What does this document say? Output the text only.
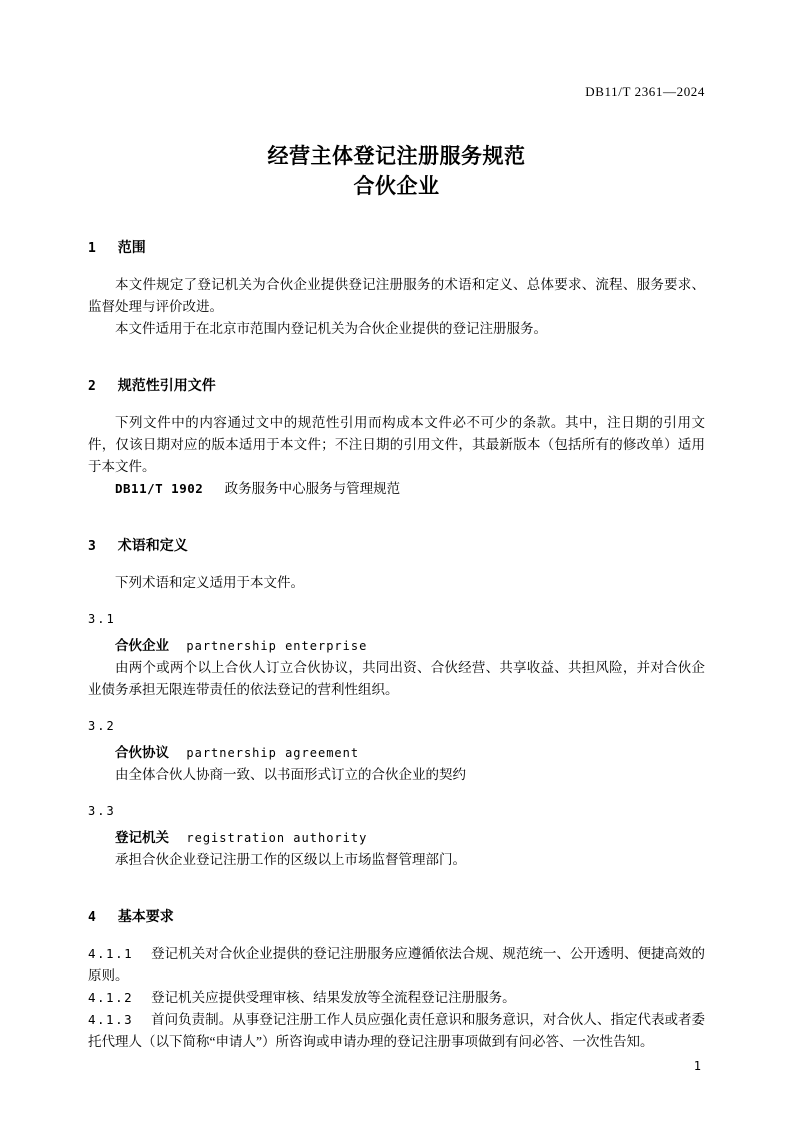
DB11/T 2361—2024
经营主体登记注册服务规范
合伙企业
1 范围

本文件规定了登记机关为合伙企业提供登记注册服务的术语和定义、总体要求、流程、服务要求、监督处理与评价改进。

本文件适用于在北京市范围内登记机关为合伙企业提供的登记注册服务。

2 规范性引用文件

下列文件中的内容通过文中的规范性引用而构成本文件必不可少的条款。其中，注日期的引用文件，仅该日期对应的版本适用于本文件；不注日期的引用文件，其最新版本（包括所有的修改单）适用于本文件。

DB11/T 1902 政务服务中心服务与管理规范

3 术语和定义

下列术语和定义适用于本文件。

3.1

合伙企业 partnership enterprise

由两个或两个以上合伙人订立合伙协议，共同出资、合伙经营、共享收益、共担风险，并对合伙企业债务承担无限连带责任的依法登记的营利性组织。

3.2

合伙协议 partnership agreement

由全体合伙人协商一致、以书面形式订立的合伙企业的契约

3.3

登记机关 registration authority

承担合伙企业登记注册工作的区级以上市场监督管理部门。

4 基本要求

4.1.1 登记机关对合伙企业提供的登记注册服务应遵循依法合规、规范统一、公开透明、便捷高效的原则。

4.1.2 登记机关应提供受理审核、结果发放等全流程登记注册服务。

4.1.3 首问负责制。从事登记注册工作人员应强化责任意识和服务意识，对合伙人、指定代表或者委托代理人（以下简称“申请人”）所咨询或申请办理的登记注册事项做到有问必答、一次性告知。

1
